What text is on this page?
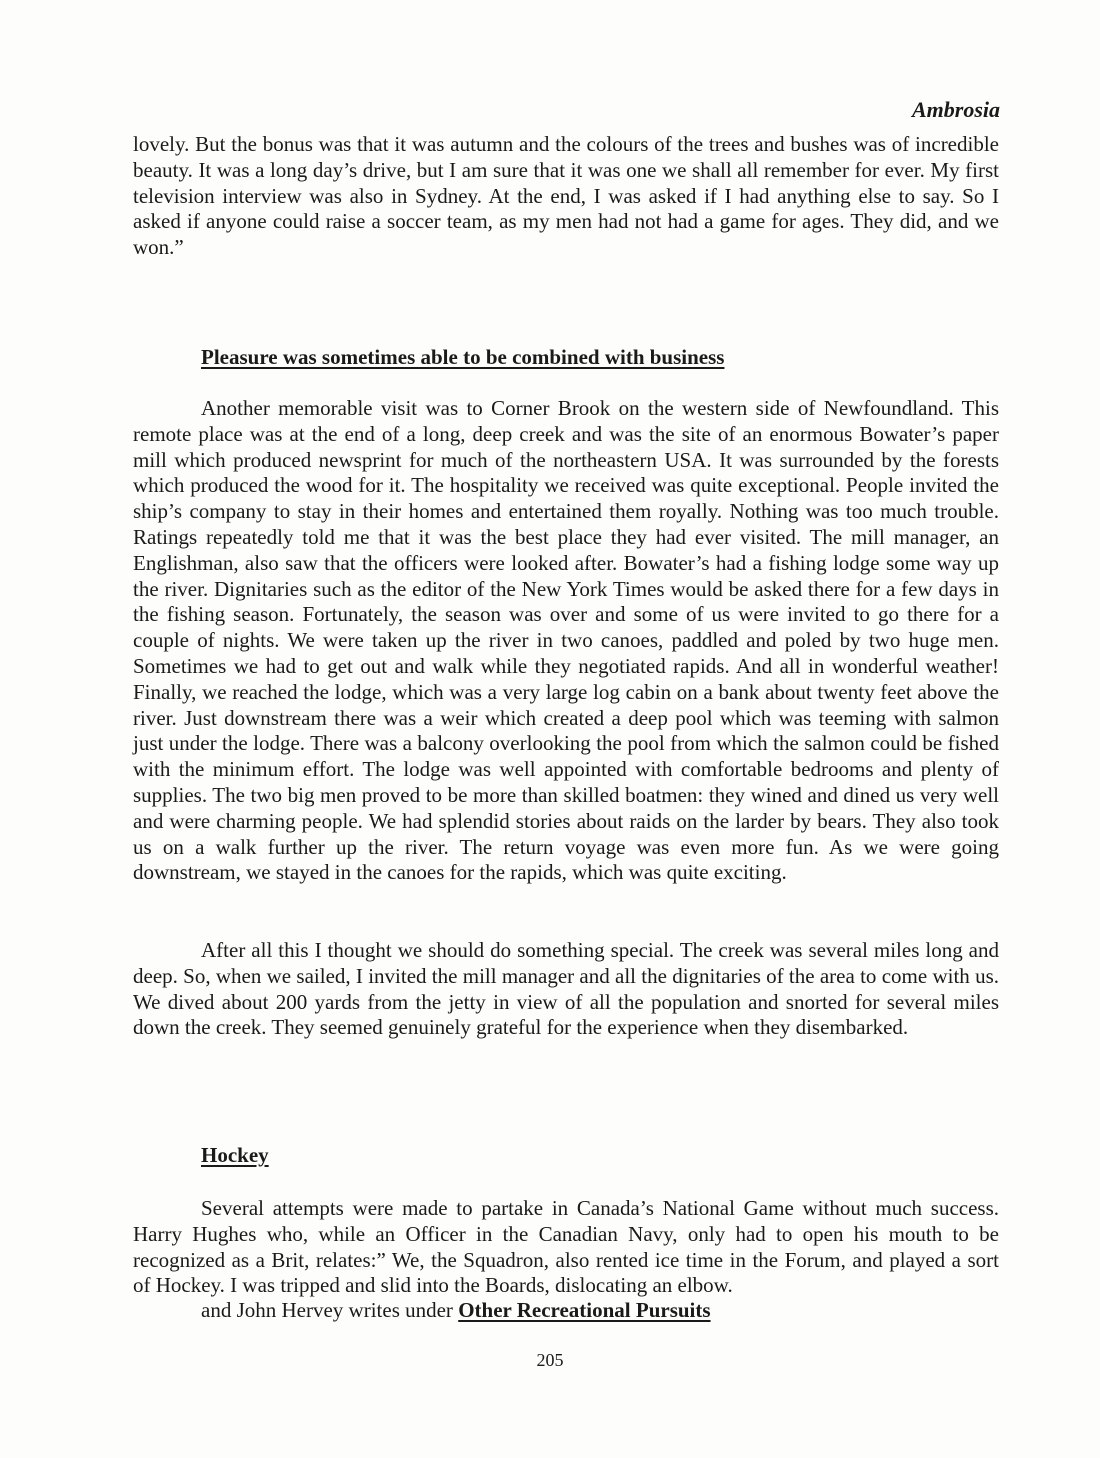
Ambrosia

lovely. But the bonus was that it was autumn and the colours of the trees and bushes was of incredible beauty. It was a long day’s drive, but I am sure that it was one we shall all remember for ever. My first television interview was also in Sydney. At the end, I was asked if I had anything else to say. So I asked if anyone could raise a soccer team, as my men had not had a game for ages. They did, and we won.”

Pleasure was sometimes able to be combined with business

Another memorable visit was to Corner Brook on the western side of Newfoundland. This remote place was at the end of a long, deep creek and was the site of an enormous Bowater’s paper mill which produced newsprint for much of the northeastern USA. It was surrounded by the forests which produced the wood for it. The hospitality we received was quite exceptional. People invited the ship’s company to stay in their homes and entertained them royally. Nothing was too much trouble. Ratings repeatedly told me that it was the best place they had ever visited. The mill manager, an Englishman, also saw that the officers were looked after. Bowater’s had a fishing lodge some way up the river. Dignitaries such as the editor of the New York Times would be asked there for a few days in the fishing season. Fortunately, the season was over and some of us were invited to go there for a couple of nights. We were taken up the river in two canoes, paddled and poled by two huge men. Sometimes we had to get out and walk while they negotiated rapids. And all in wonderful weather! Finally, we reached the lodge, which was a very large log cabin on a bank about twenty feet above the river. Just downstream there was a weir which created a deep pool which was teeming with salmon just under the lodge. There was a balcony overlooking the pool from which the salmon could be fished with the minimum effort. The lodge was well appointed with comfortable bedrooms and plenty of supplies. The two big men proved to be more than skilled boatmen: they wined and dined us very well and were charming people. We had splendid stories about raids on the larder by bears. They also took us on a walk further up the river. The return voyage was even more fun. As we were going downstream, we stayed in the canoes for the rapids, which was quite exciting.

After all this I thought we should do something special. The creek was several miles long and deep. So, when we sailed, I invited the mill manager and all the dignitaries of the area to come with us. We dived about 200 yards from the jetty in view of all the population and snorted for several miles down the creek. They seemed genuinely grateful for the experience when they disembarked.

Hockey

Several attempts were made to partake in Canada’s National Game without much success. Harry Hughes who, while an Officer in the Canadian Navy, only had to open his mouth to be recognized as a Brit, relates:” We, the Squadron, also rented ice time in the Forum, and played a sort of Hockey. I was tripped and slid into the Boards, dislocating an elbow.

and John Hervey writes under Other Recreational Pursuits

205
